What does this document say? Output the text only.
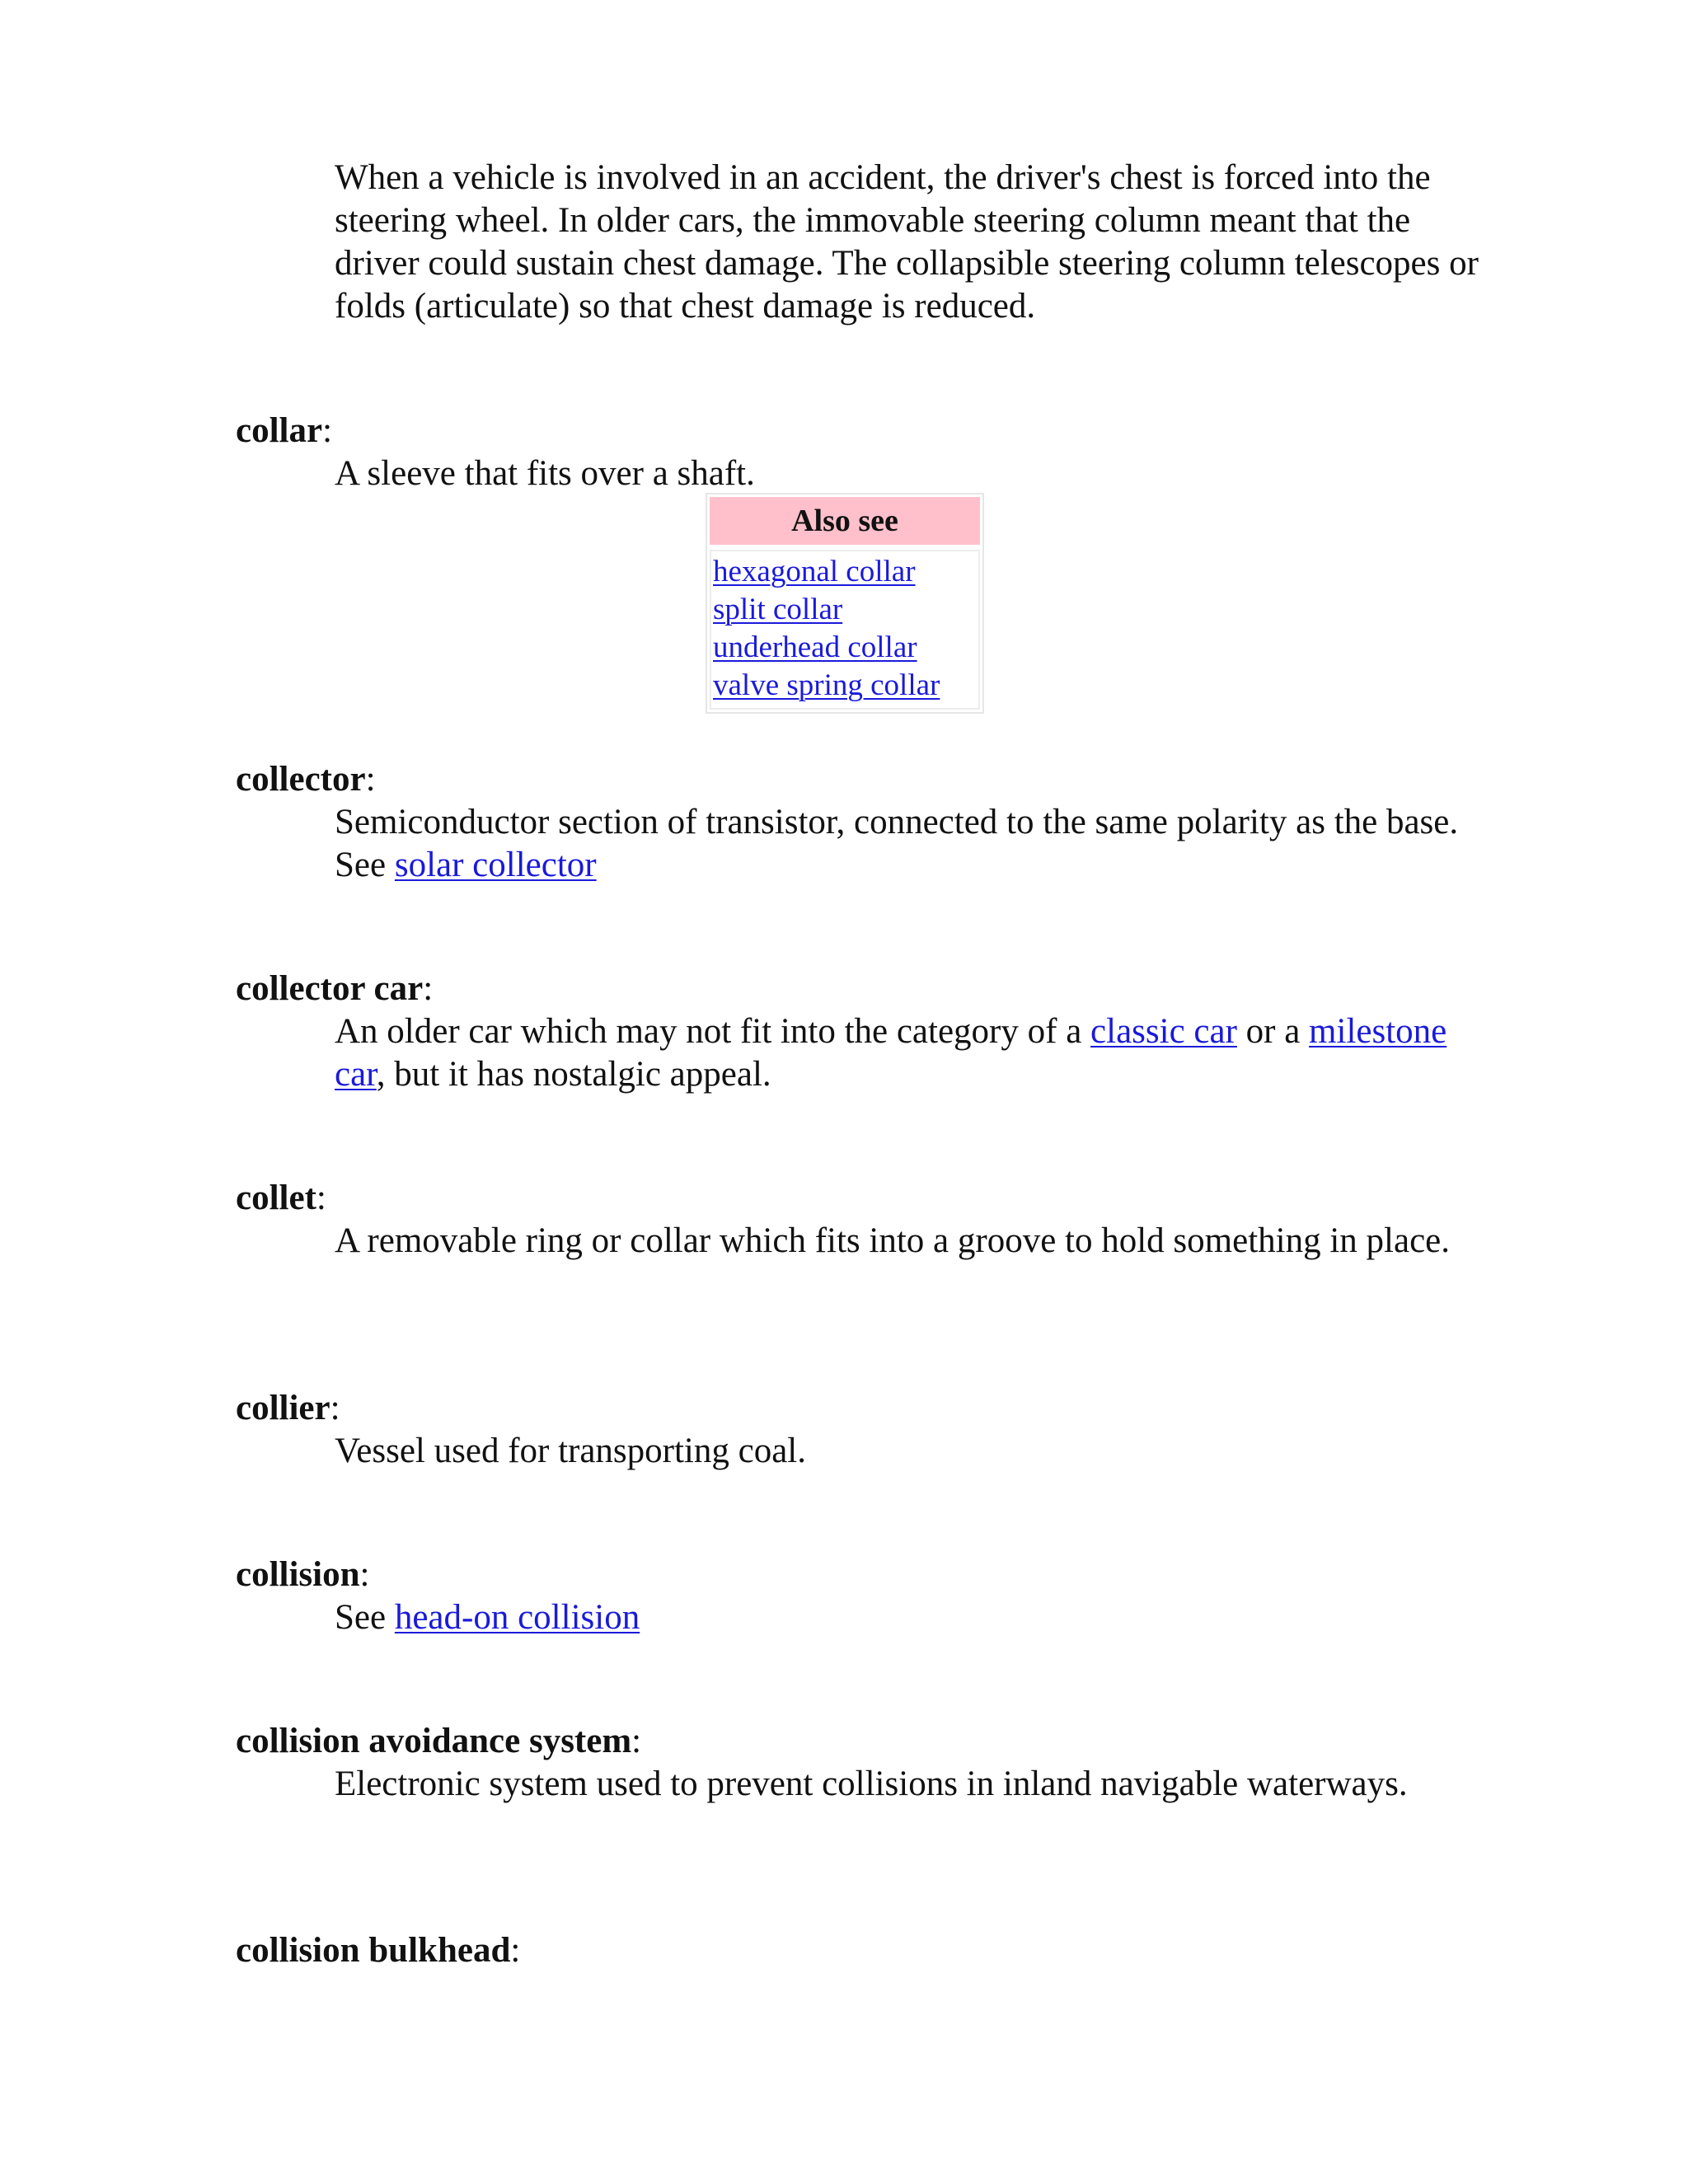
When a vehicle is involved in an accident, the driver's chest is forced into the steering wheel. In older cars, the immovable steering column meant that the driver could sustain chest damage. The collapsible steering column telescopes or folds (articulate) so that chest damage is reduced.
collar:
A sleeve that fits over a shaft.
Also see
hexagonal collar
split collar
underhead collar
valve spring collar
collector:
Semiconductor section of transistor, connected to the same polarity as the base. See solar collector
collector car:
An older car which may not fit into the category of a classic car or a milestone car, but it has nostalgic appeal.
collet:
A removable ring or collar which fits into a groove to hold something in place.
collier:
Vessel used for transporting coal.
collision:
See head-on collision
collision avoidance system:
Electronic system used to prevent collisions in inland navigable waterways.
collision bulkhead:
